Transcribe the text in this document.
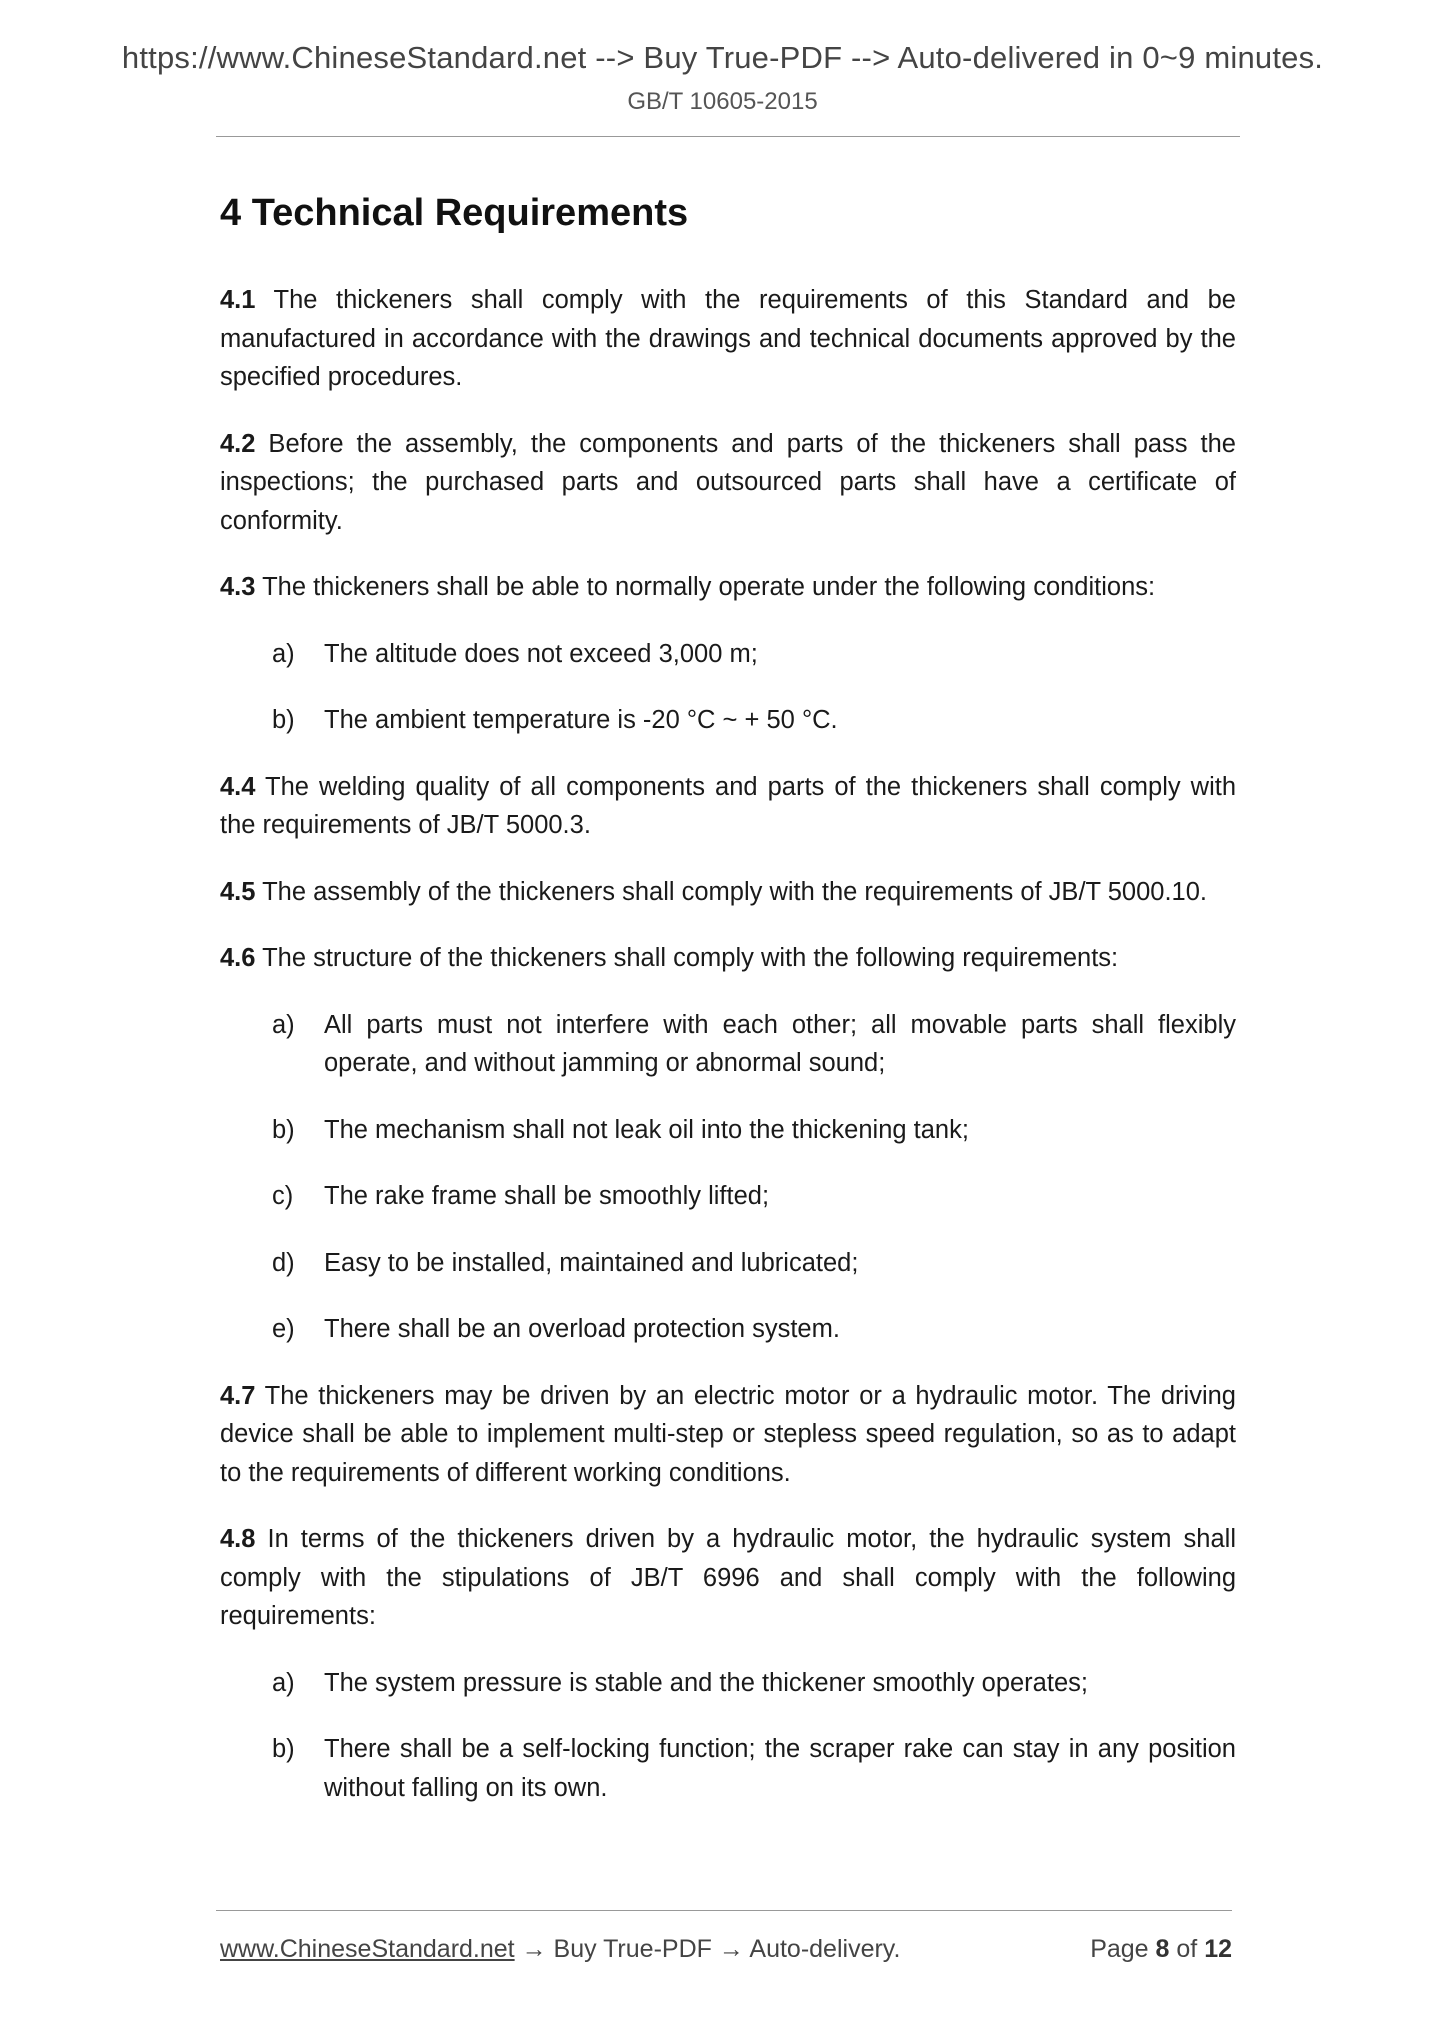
https://www.ChineseStandard.net --> Buy True-PDF --> Auto-delivered in 0~9 minutes.
GB/T 10605-2015
4 Technical Requirements
4.1 The thickeners shall comply with the requirements of this Standard and be manufactured in accordance with the drawings and technical documents approved by the specified procedures.
4.2 Before the assembly, the components and parts of the thickeners shall pass the inspections; the purchased parts and outsourced parts shall have a certificate of conformity.
4.3 The thickeners shall be able to normally operate under the following conditions:
a) The altitude does not exceed 3,000 m;
b) The ambient temperature is -20 °C ~ + 50 °C.
4.4 The welding quality of all components and parts of the thickeners shall comply with the requirements of JB/T 5000.3.
4.5 The assembly of the thickeners shall comply with the requirements of JB/T 5000.10.
4.6 The structure of the thickeners shall comply with the following requirements:
a) All parts must not interfere with each other; all movable parts shall flexibly operate, and without jamming or abnormal sound;
b) The mechanism shall not leak oil into the thickening tank;
c) The rake frame shall be smoothly lifted;
d) Easy to be installed, maintained and lubricated;
e) There shall be an overload protection system.
4.7 The thickeners may be driven by an electric motor or a hydraulic motor. The driving device shall be able to implement multi-step or stepless speed regulation, so as to adapt to the requirements of different working conditions.
4.8 In terms of the thickeners driven by a hydraulic motor, the hydraulic system shall comply with the stipulations of JB/T 6996 and shall comply with the following requirements:
a) The system pressure is stable and the thickener smoothly operates;
b) There shall be a self-locking function; the scraper rake can stay in any position without falling on its own.
www.ChineseStandard.net → Buy True-PDF → Auto-delivery.	Page 8 of 12
